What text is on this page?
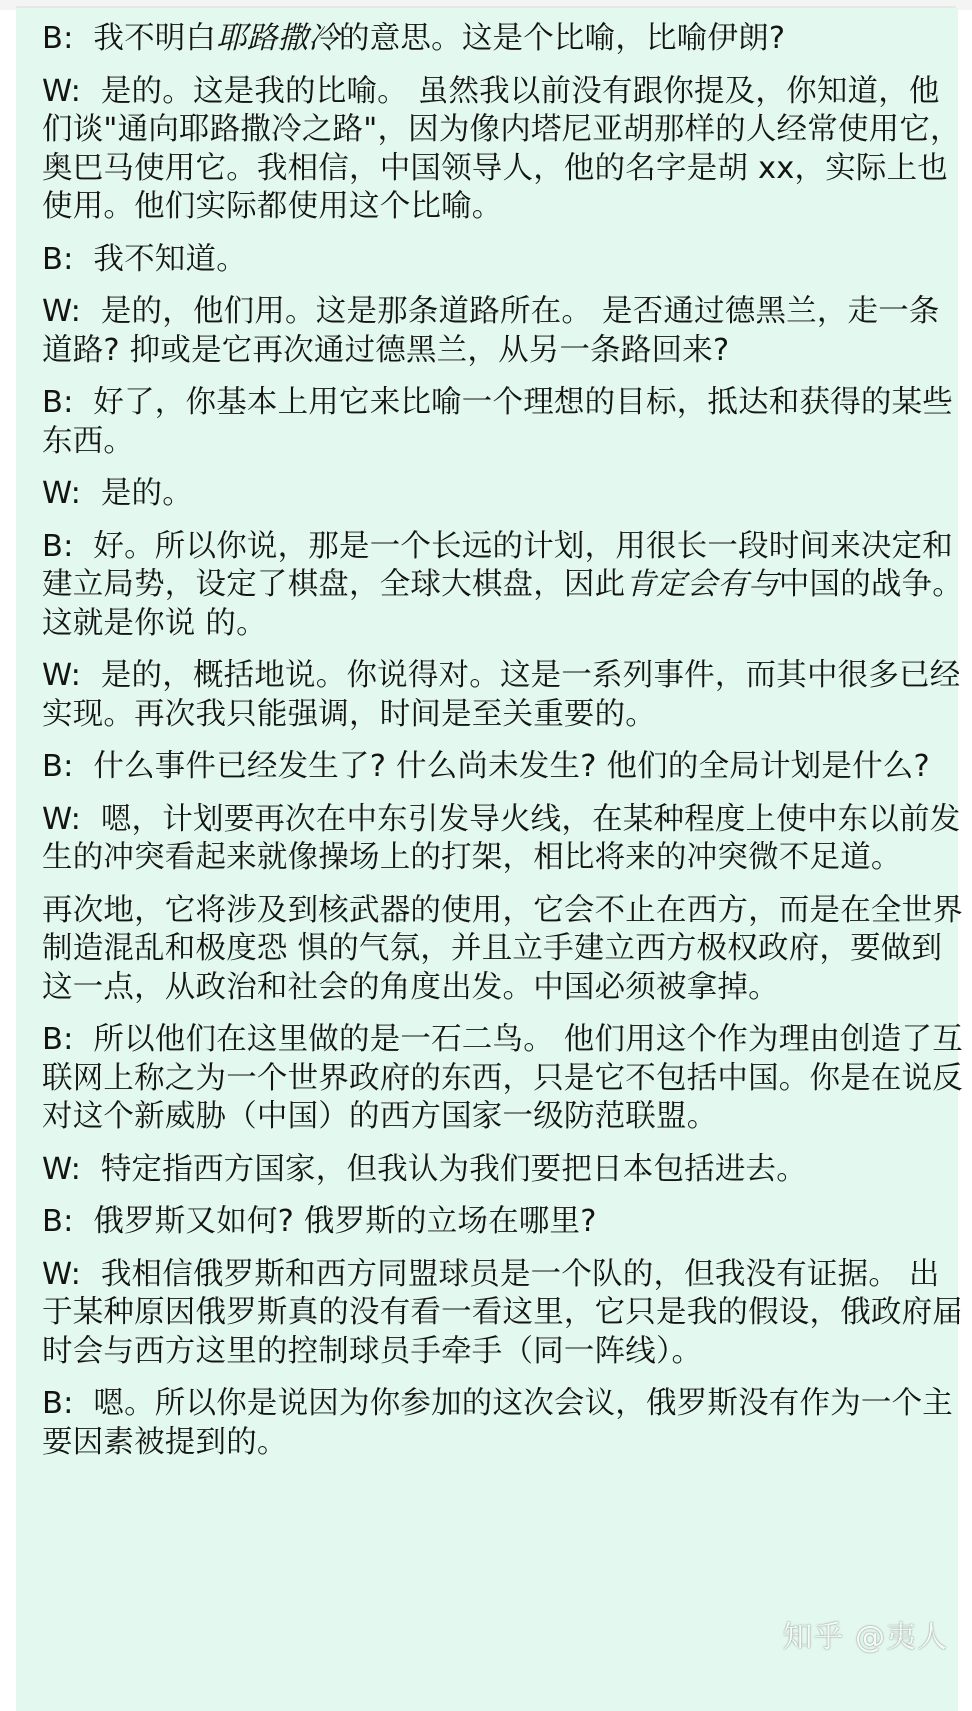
B: 我不明白耶路撒冷的意思。这是个比喻，比喻伊朗?

W: 是的。这是我的比喻。 虽然我以前没有跟你提及，你知道，他们谈"通向耶路撒冷之路"，因为像内塔尼亚胡那样的人经常使用它，奥巴马使用它。我相信，中国领导人，他的名字是胡 xx，实际上也使用。他们实际都使用这个比喻。

B: 我不知道。

W: 是的，他们用。这是那条道路所在。 是否通过德黑兰，走一条道路? 抑或是它再次通过德黑兰，从另一条路回来?

B: 好了，你基本上用它来比喻一个理想的目标，抵达和获得的某些东西。

W: 是的。

B: 好。所以你说，那是一个长远的计划，用很长一段时间来决定和建立局势，设定了棋盘，全球大棋盘，因此肯定会有与中国的战争。这就是你说 的。

W: 是的，概括地说。你说得对。这是一系列事件，而其中很多已经实现。再次我只能强调，时间是至关重要的。

B: 什么事件已经发生了? 什么尚未发生? 他们的全局计划是什么?

W: 嗯，计划要再次在中东引发导火线，在某种程度上使中东以前发生的冲突看起来就像操场上的打架，相比将来的冲突微不足道。

再次地，它将涉及到核武器的使用，它会不止在西方，而是在全世界制造混乱和极度恐 惧的气氛，并且立手建立西方极权政府，要做到这一点，从政治和社会的角度出发。中国必须被拿掉。

B: 所以他们在这里做的是一石二鸟。 他们用这个作为理由创造了互联网上称之为一个世界政府的东西，只是它不包括中国。你是在说反对这个新威胁（中国）的西方国家一级防范联盟。

W: 特定指西方国家，但我认为我们要把日本包括进去。

B: 俄罗斯又如何? 俄罗斯的立场在哪里?

W: 我相信俄罗斯和西方同盟球员是一个队的，但我没有证据。 出于某种原因俄罗斯真的没有看一看这里，它只是我的假设，俄政府届时会与西方这里的控制球员手牵手（同一阵线）。

B: 嗯。所以你是说因为你参加的这次会议，俄罗斯没有作为一个主要因素被提到的。

知乎 @夷人
